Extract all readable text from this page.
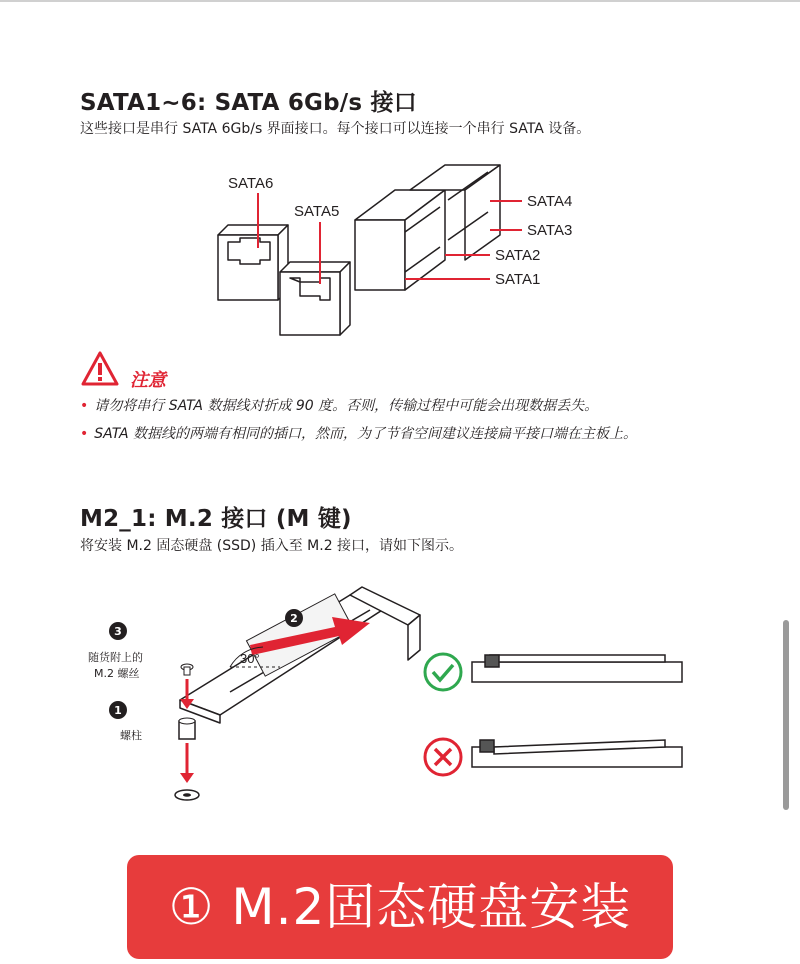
SATA1~6: SATA 6Gb/s 接口

这些接口是串行 SATA 6Gb/s 界面接口。每个接口可以连接一个串行 SATA 设备。

SATA6
SATA5
SATA4
SATA3
SATA2
SATA1
注意
• 请勿将串行 SATA 数据线对折成 90 度。否则，传输过程中可能会出现数据丢失。
• SATA 数据线的两端有相同的插口，然而，为了节省空间建议连接扁平接口端在主板上。
M2_1: M.2 接口 (M 键)

将安装 M.2 固态硬盘 (SSD) 插入至 M.2 接口，请如下图示。

30°
3
1
2
随货附上的
M.2 螺丝
螺柱
① M.2固态硬盘安装
